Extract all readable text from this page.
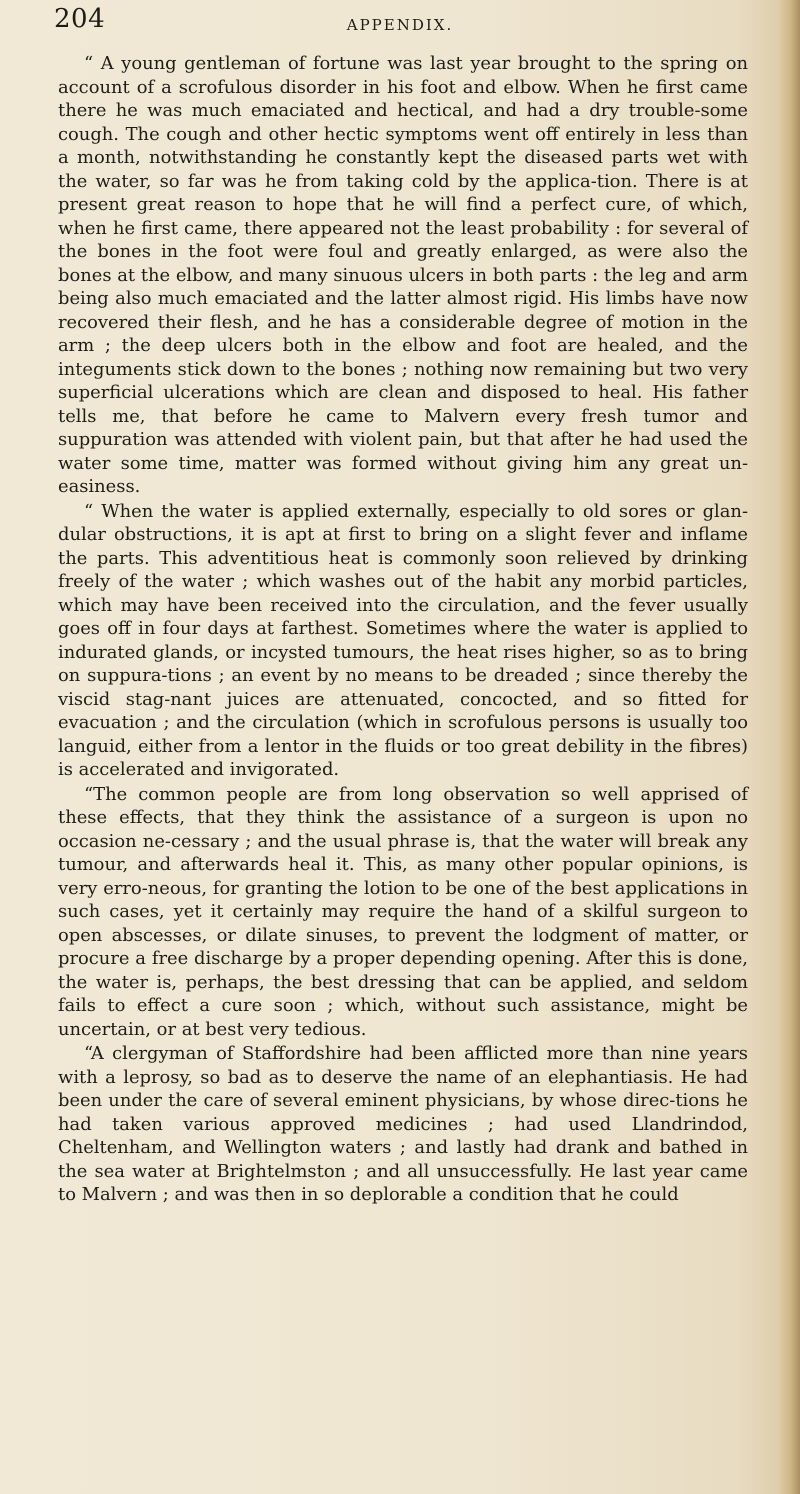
204	APPENDIX.

“ A young gentleman of fortune was last year brought to the spring on account of a scrofulous disorder in his foot and elbow. When he first came there he was much emaciated and hectical, and had a dry trouble-some cough. The cough and other hectic symptoms went off entirely in less than a month, notwithstanding he constantly kept the diseased parts wet with the water, so far was he from taking cold by the applica-tion. There is at present great reason to hope that he will find a perfect cure, of which, when he first came, there appeared not the least probability : for several of the bones in the foot were foul and greatly enlarged, as were also the bones at the elbow, and many sinuous ulcers in both parts : the leg and arm being also much emaciated and the latter almost rigid. His limbs have now recovered their flesh, and he has a considerable degree of motion in the arm ; the deep ulcers both in the elbow and foot are healed, and the integuments stick down to the bones ; nothing now remaining but two very superficial ulcerations which are clean and disposed to heal. His father tells me, that before he came to Malvern every fresh tumor and suppuration was attended with violent pain, but that after he had used the water some time, matter was formed without giving him any great un-easiness.

“ When the water is applied externally, especially to old sores or glan-dular obstructions, it is apt at first to bring on a slight fever and inflame the parts. This adventitious heat is commonly soon relieved by drinking freely of the water ; which washes out of the habit any morbid particles, which may have been received into the circulation, and the fever usually goes off in four days at farthest. Sometimes where the water is applied to indurated glands, or incysted tumours, the heat rises higher, so as to bring on suppura-tions ; an event by no means to be dreaded ; since thereby the viscid stag-nant juices are attenuated, concocted, and so fitted for evacuation ; and the circulation (which in scrofulous persons is usually too languid, either from a lentor in the fluids or too great debility in the fibres) is accelerated and invigorated.

“The common people are from long observation so well apprised of these effects, that they think the assistance of a surgeon is upon no occasion ne-cessary ; and the usual phrase is, that the water will break any tumour, and afterwards heal it. This, as many other popular opinions, is very erro-neous, for granting the lotion to be one of the best applications in such cases, yet it certainly may require the hand of a skilful surgeon to open abscesses, or dilate sinuses, to prevent the lodgment of matter, or procure a free discharge by a proper depending opening. After this is done, the water is, perhaps, the best dressing that can be applied, and seldom fails to effect a cure soon ; which, without such assistance, might be uncertain, or at best very tedious.

“A clergyman of Staffordshire had been afflicted more than nine years with a leprosy, so bad as to deserve the name of an elephantiasis. He had been under the care of several eminent physicians, by whose direc-tions he had taken various approved medicines ; had used Llandrindod, Cheltenham, and Wellington waters ; and lastly had drank and bathed in the sea water at Brightelmston ; and all unsuccessfully. He last year came to Malvern ; and was then in so deplorable a condition that he could
